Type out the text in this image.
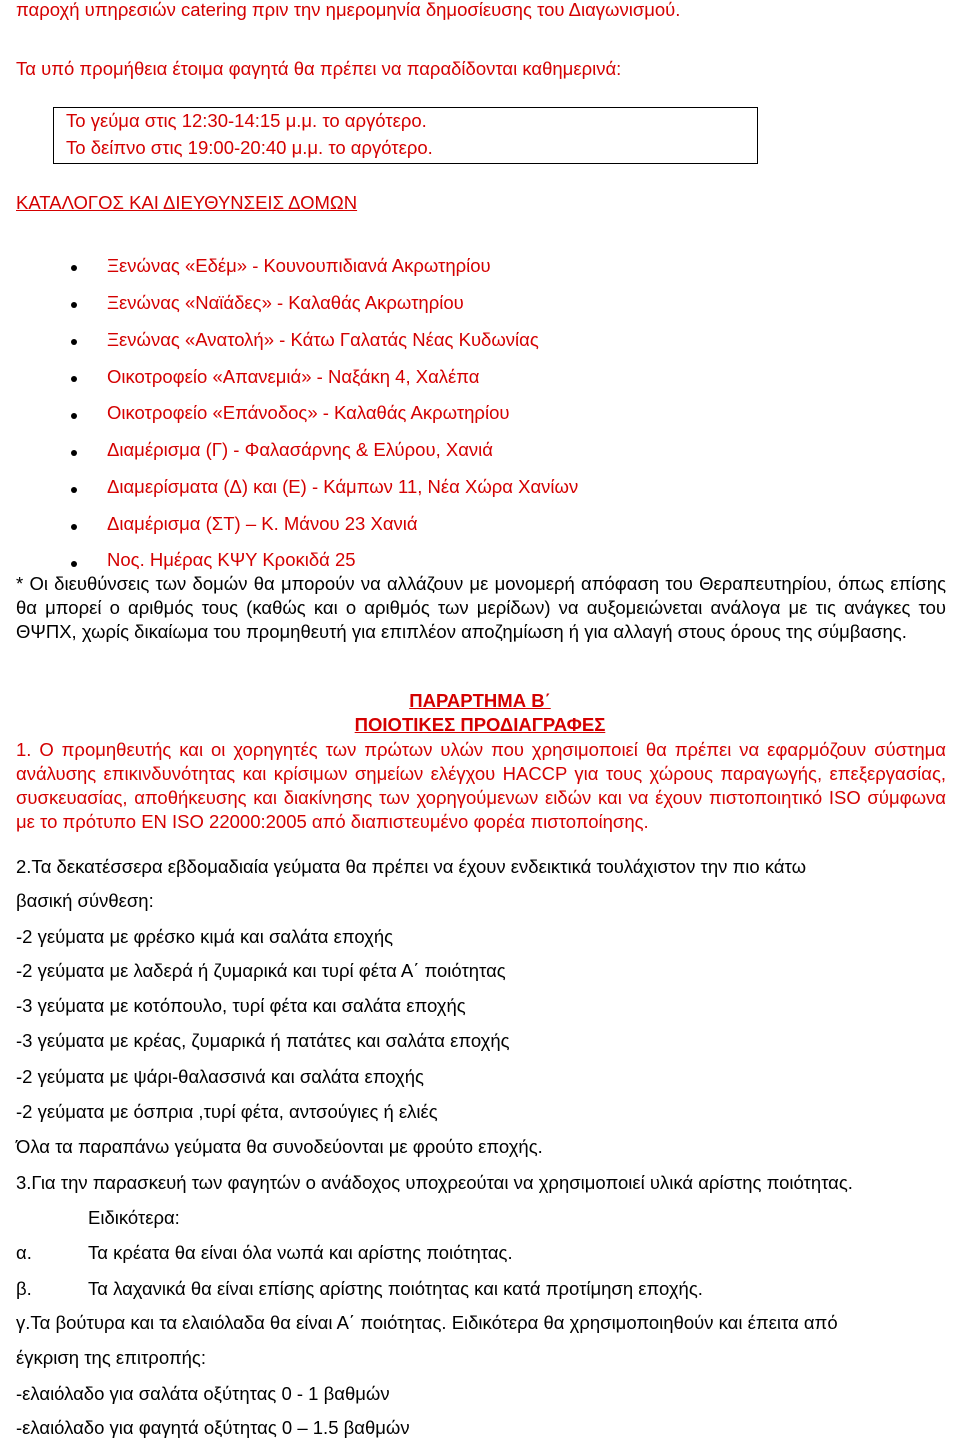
παροχή υπηρεσιών catering πριν την ημερομηνία δημοσίευσης του Διαγωνισμού.
Τα υπό προμήθεια έτοιμα φαγητά θα πρέπει να παραδίδονται καθημερινά:
Το γεύμα στις 12:30-14:15 μ.μ. το αργότερο.
Το δείπνο στις 19:00-20:40 μ.μ. το αργότερο.
ΚΑΤΑΛΟΓΟΣ ΚΑΙ ΔΙΕΥΘΥΝΣΕΙΣ ΔΟΜΩΝ
Ξενώνας «Εδέμ» - Κουνουπιδιανά Ακρωτηρίου
Ξενώνας «Ναϊάδες» - Καλαθάς Ακρωτηρίου
Ξενώνας «Ανατολή» - Κάτω Γαλατάς Νέας Κυδωνίας
Οικοτροφείο «Απανεμιά» - Ναξάκη 4, Χαλέπα
Οικοτροφείο «Επάνοδος» - Καλαθάς Ακρωτηρίου
Διαμέρισμα (Γ) - Φαλασάρνης & Ελύρου, Χανιά
Διαμερίσματα (Δ) και (Ε) - Κάμπων 11, Νέα Χώρα Χανίων
Διαμέρισμα (ΣΤ) – Κ. Μάνου 23 Χανιά
Νος. Ημέρας ΚΨΥ Κροκιδά 25
* Οι διευθύνσεις των δομών θα μπορούν να αλλάζουν με μονομερή απόφαση του Θεραπευτηρίου, όπως επίσης θα μπορεί ο αριθμός τους (καθώς και ο αριθμός των μερίδων) να αυξομειώνεται ανάλογα με τις ανάγκες του ΘΨΠΧ, χωρίς δικαίωμα του προμηθευτή για επιπλέον αποζημίωση ή για αλλαγή στους όρους της σύμβασης.
ΠΑΡΑΡΤΗΜΑ Β΄
ΠΟΙΟΤΙΚΕΣ ΠΡΟΔΙΑΓΡΑΦΕΣ
1. Ο προμηθευτής και οι χορηγητές των πρώτων υλών που χρησιμοποιεί θα πρέπει να εφαρμόζουν σύστημα ανάλυσης επικινδυνότητας και κρίσιμων σημείων ελέγχου HACCP για τους χώρους παραγωγής, επεξεργασίας, συσκευασίας, αποθήκευσης και διακίνησης των χορηγούμενων ειδών και να έχουν πιστοποιητικό ISO σύμφωνα με το πρότυπο EN ISO 22000:2005 από διαπιστευμένο φορέα πιστοποίησης.
2.Τα δεκατέσσερα εβδομαδιαία γεύματα θα πρέπει να έχουν ενδεικτικά τουλάχιστον την πιο κάτω
βασική σύνθεση:
-2 γεύματα με φρέσκο κιμά και σαλάτα εποχής
-2 γεύματα με λαδερά ή ζυμαρικά και τυρί φέτα Α΄ ποιότητας
-3 γεύματα με κοτόπουλο, τυρί φέτα και σαλάτα εποχής
-3 γεύματα με κρέας, ζυμαρικά ή πατάτες και σαλάτα εποχής
-2 γεύματα με ψάρι-θαλασσινά και σαλάτα εποχής
-2 γεύματα με όσπρια ,τυρί φέτα, αντσούγιες ή ελιές
Όλα τα παραπάνω γεύματα θα συνοδεύονται με φρούτο εποχής.
3.Για την παρασκευή των φαγητών ο ανάδοχος υποχρεούται να χρησιμοποιεί υλικά αρίστης ποιότητας.
Ειδικότερα:
α.	Τα κρέατα θα είναι όλα νωπά και αρίστης ποιότητας.
β.	Τα λαχανικά θα είναι επίσης αρίστης ποιότητας και κατά προτίμηση εποχής.
γ.Τα βούτυρα και τα ελαιόλαδα θα είναι Α΄ ποιότητας. Ειδικότερα θα χρησιμοποιηθούν και έπειτα από
έγκριση της επιτροπής:
-ελαιόλαδο για σαλάτα οξύτητας 0 - 1 βαθμών
-ελαιόλαδο για φαγητά οξύτητας 0 – 1.5 βαθμών
